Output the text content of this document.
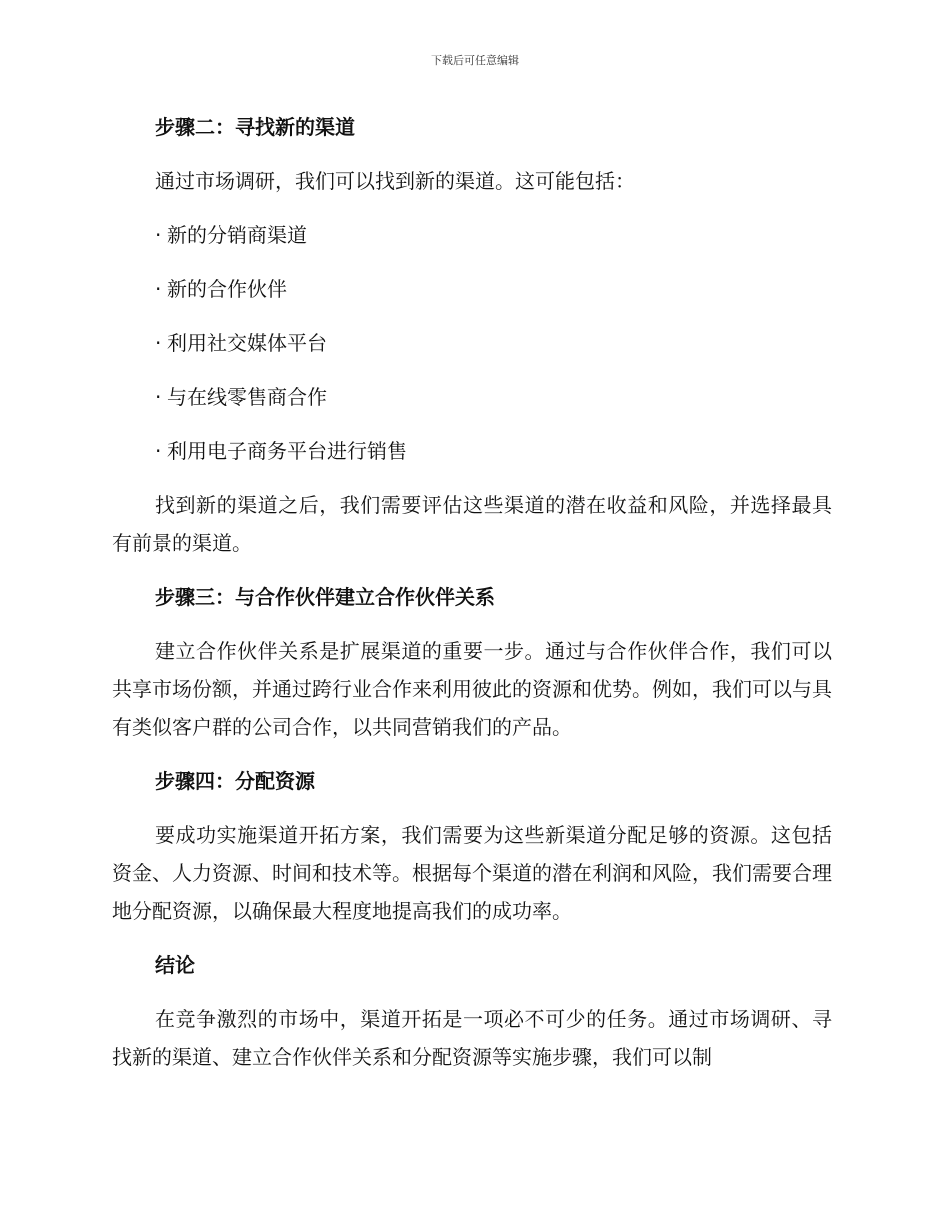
下载后可任意编辑
步骤二：寻找新的渠道
通过市场调研，我们可以找到新的渠道。这可能包括：
· 新的分销商渠道
· 新的合作伙伴
· 利用社交媒体平台
· 与在线零售商合作
· 利用电子商务平台进行销售
找到新的渠道之后，我们需要评估这些渠道的潜在收益和风险，并选择最具有前景的渠道。
步骤三：与合作伙伴建立合作伙伴关系
建立合作伙伴关系是扩展渠道的重要一步。通过与合作伙伴合作，我们可以共享市场份额，并通过跨行业合作来利用彼此的资源和优势。例如，我们可以与具有类似客户群的公司合作，以共同营销我们的产品。
步骤四：分配资源
要成功实施渠道开拓方案，我们需要为这些新渠道分配足够的资源。这包括资金、人力资源、时间和技术等。根据每个渠道的潜在利润和风险，我们需要合理地分配资源，以确保最大程度地提高我们的成功率。
结论
在竞争激烈的市场中，渠道开拓是一项必不可少的任务。通过市场调研、寻找新的渠道、建立合作伙伴关系和分配资源等实施步骤，我们可以制
